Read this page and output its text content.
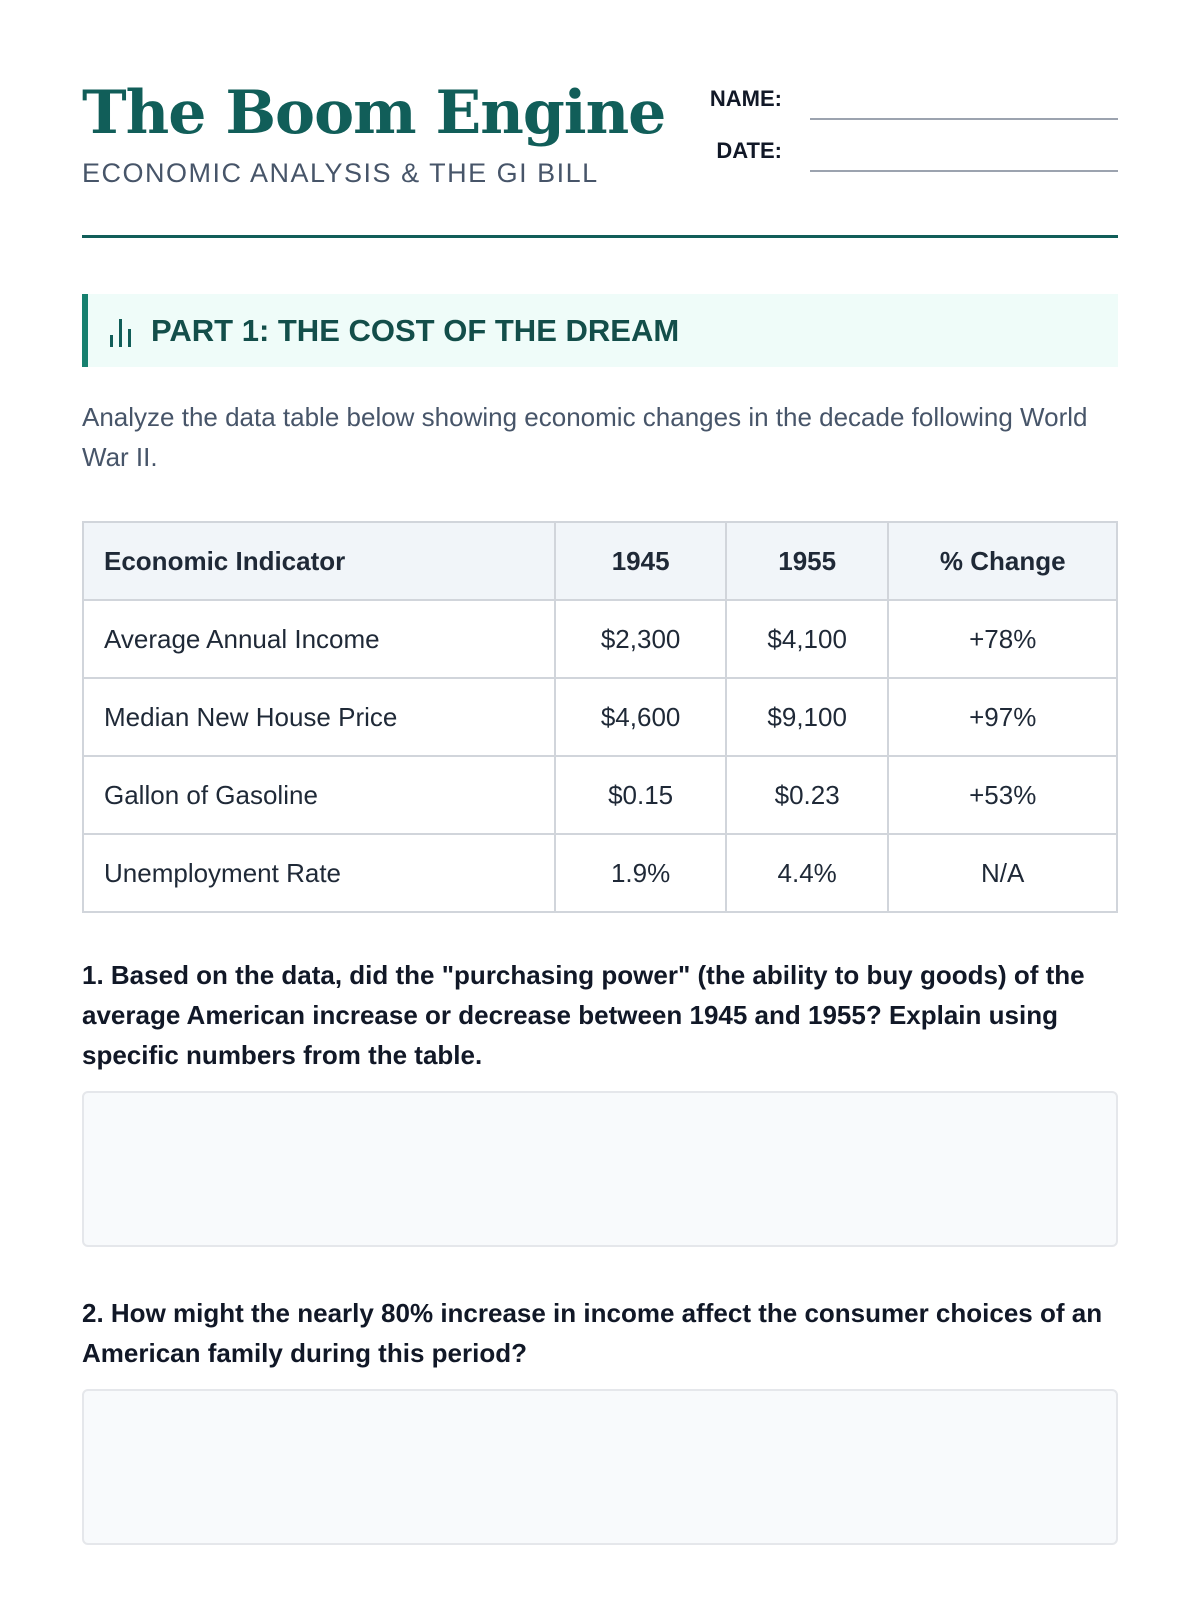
The Boom Engine
ECONOMIC ANALYSIS & THE GI BILL
NAME:
DATE:
PART 1: THE COST OF THE DREAM

Analyze the data table below showing economic changes in the decade following World War II.

Economic Indicator	1945	1955	% Change
Average Annual Income	$2,300	$4,100	+78%
Median New House Price	$4,600	$9,100	+97%
Gallon of Gasoline	$0.15	$0.23	+53%
Unemployment Rate	1.9%	4.4%	N/A

1. Based on the data, did the "purchasing power" (the ability to buy goods) of the average American increase or decrease between 1945 and 1955? Explain using specific numbers from the table.

2. How might the nearly 80% increase in income affect the consumer choices of an American family during this period?
